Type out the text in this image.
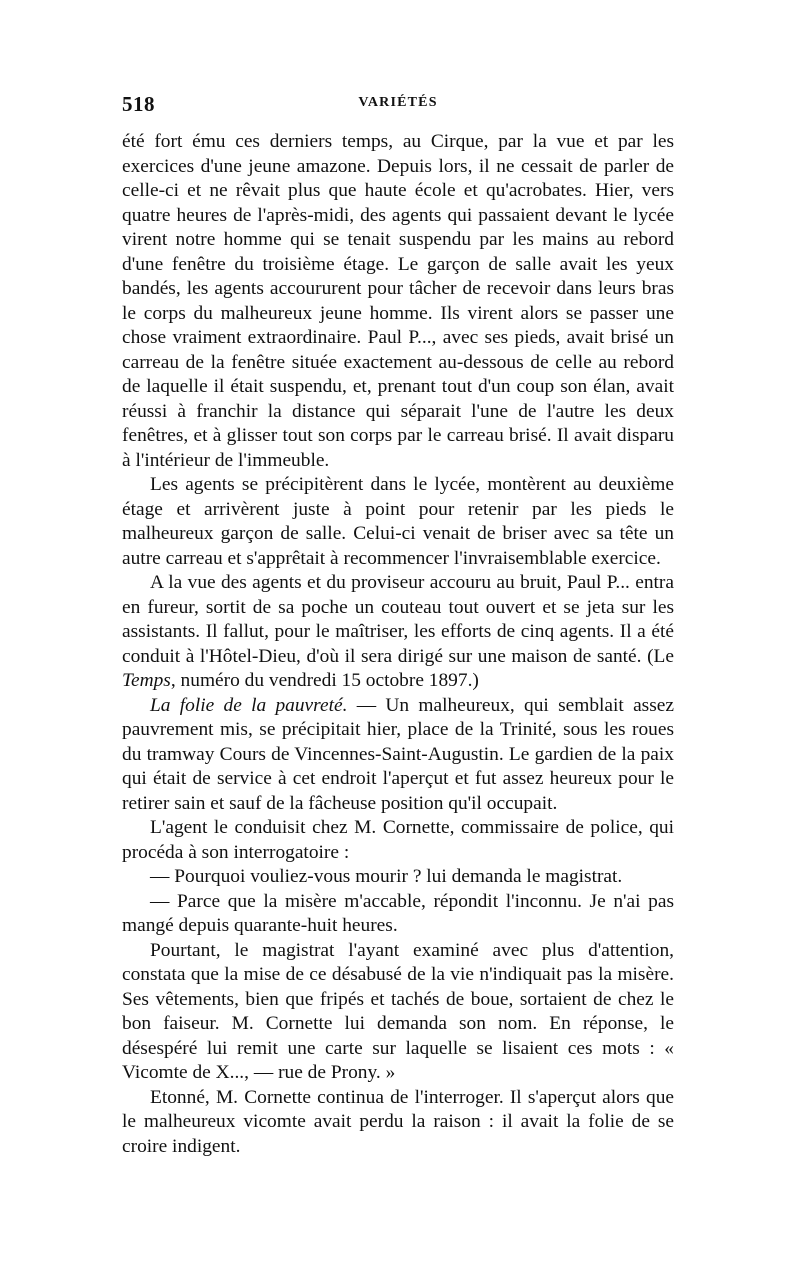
518	VARIÉTÉS

été fort ému ces derniers temps, au Cirque, par la vue et par les exercices d'une jeune amazone. Depuis lors, il ne cessait de parler de celle-ci et ne rêvait plus que haute école et qu'acrobates. Hier, vers quatre heures de l'après-midi, des agents qui passaient devant le lycée virent notre homme qui se tenait suspendu par les mains au rebord d'une fenêtre du troisième étage. Le garçon de salle avait les yeux bandés, les agents accoururent pour tâcher de recevoir dans leurs bras le corps du malheureux jeune homme. Ils virent alors se passer une chose vraiment extraordinaire. Paul P..., avec ses pieds, avait brisé un carreau de la fenêtre située exactement au-dessous de celle au rebord de laquelle il était suspendu, et, prenant tout d'un coup son élan, avait réussi à franchir la distance qui séparait l'une de l'autre les deux fenêtres, et à glisser tout son corps par le carreau brisé. Il avait disparu à l'intérieur de l'immeuble.

Les agents se précipitèrent dans le lycée, montèrent au deuxième étage et arrivèrent juste à point pour retenir par les pieds le malheureux garçon de salle. Celui-ci venait de briser avec sa tête un autre carreau et s'apprêtait à recommencer l'invraisemblable exercice.

A la vue des agents et du proviseur accouru au bruit, Paul P... entra en fureur, sortit de sa poche un couteau tout ouvert et se jeta sur les assistants. Il fallut, pour le maîtriser, les efforts de cinq agents. Il a été conduit à l'Hôtel-Dieu, d'où il sera dirigé sur une maison de santé. (Le Temps, numéro du vendredi 15 octobre 1897.)

La folie de la pauvreté. — Un malheureux, qui semblait assez pauvrement mis, se précipitait hier, place de la Trinité, sous les roues du tramway Cours de Vincennes-Saint-Augustin. Le gardien de la paix qui était de service à cet endroit l'aperçut et fut assez heureux pour le retirer sain et sauf de la fâcheuse position qu'il occupait.

L'agent le conduisit chez M. Cornette, commissaire de police, qui procéda à son interrogatoire :

— Pourquoi vouliez-vous mourir ? lui demanda le magistrat.

— Parce que la misère m'accable, répondit l'inconnu. Je n'ai pas mangé depuis quarante-huit heures.

Pourtant, le magistrat l'ayant examiné avec plus d'attention, constata que la mise de ce désabusé de la vie n'indiquait pas la misère. Ses vêtements, bien que fripés et tachés de boue, sortaient de chez le bon faiseur. M. Cornette lui demanda son nom. En réponse, le désespéré lui remit une carte sur laquelle se lisaient ces mots : « Vicomte de X..., — rue de Prony. »

Etonné, M. Cornette continua de l'interroger. Il s'aperçut alors que le malheureux vicomte avait perdu la raison : il avait la folie de se croire indigent.
